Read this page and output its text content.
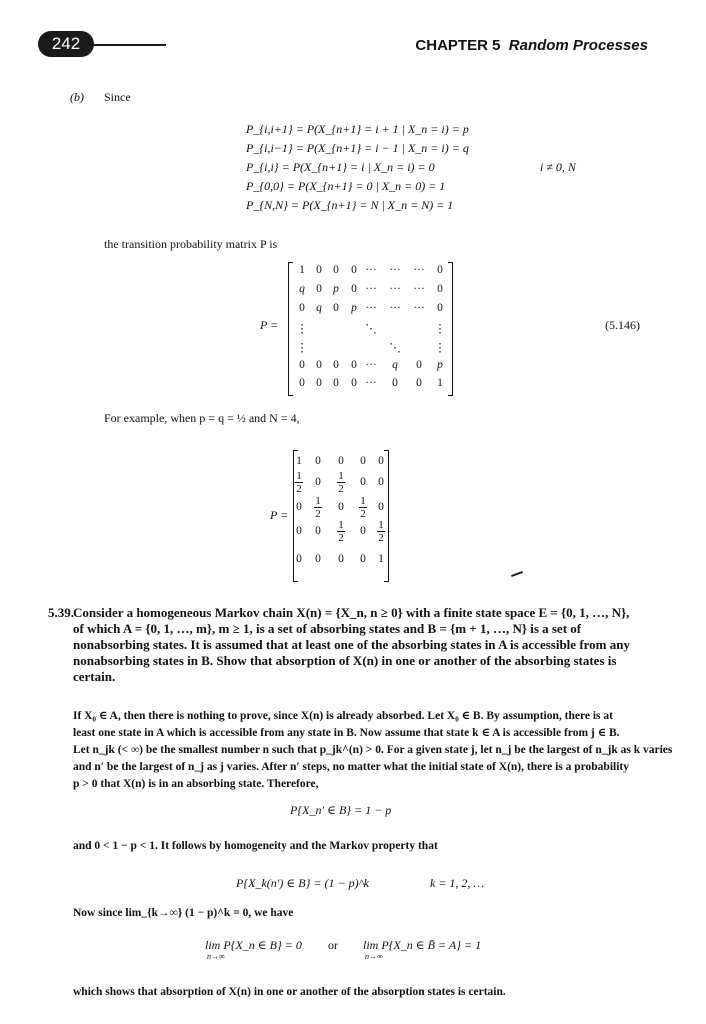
242	CHAPTER 5 Random Processes
(b) Since
P_{i,i+1} = P(X_{n+1} = i + 1 | X_n = i) = p
P_{i,i−1} = P(X_{n+1} = i − 1 | X_n = i) = q
P_{i,i} = P(X_{n+1} = i | X_n = i) = 0	i ≠ 0, N
P_{0,0} = P(X_{n+1} = 0 | X_n = 0) = 1
P_{N,N} = P(X_{n+1} = N | X_n = N) = 1
the transition probability matrix P is
P =
1 0 0	0 ··· ··· ···	0
q 0 p	0 ··· ··· ···	0
0 q 0	p ··· ··· ···	0
⋮	⋱	⋮
⋮	⋱	⋮
0 0 0	0 ···	q	0	p
0 0 0	0 ···	0	0	1
(5.146)
For example, when p = q = ½ and N = 4,
P =
1	0	0	0	0
$\frac{1}{2}$	0	$\frac{1}{2}$	0	0
0	$\frac{1}{2}$	0	$\frac{1}{2} 0$
0	0	$\frac{1}{2}$	0	$\frac{1}{2}$
0	0	0	0	1
5.39. Consider a homogeneous Markov chain X(n) = {X_n, n ≥ 0} with a finite state space E = {0, 1, …, N},
of which A = {0, 1, …, m}, m ≥ 1, is a set of absorbing states and B = {m + 1, …, N} is a set of
nonabsorbing states. It is assumed that at least one of the absorbing states in A is accessible from any
nonabsorbing states in B. Show that absorption of X(n) in one or another of the absorbing states is
certain.
If X₀ ∈ A, then there is nothing to prove, since X(n) is already absorbed. Let X₀ ∈ B. By assumption, there is at
least one state in A which is accessible from any state in B. Now assume that state k ∈ A is accessible from j ∈ B.
Let n_jk (< ∞) be the smallest number n such that p_jk^(n) > 0. For a given state j, let n_j be the largest of n_jk as k varies
and n′ be the largest of n_j as j varies. After n′ steps, no matter what the initial state of X(n), there is a probability
p > 0 that X(n) is in an absorbing state. Therefore,
P{X_n′ ∈ B} = 1 − p
and 0 < 1 − p < 1. It follows by homogeneity and the Markov property that
P{X_k(n′) ∈ B} = (1 − p)^k	k = 1, 2, …
Now since lim_{k→∞} (1 − p)^k = 0, we have
lim P{X_n ∈ B} = 0
n→∞
or lim P{X_n ∈ B̄ = A} = 1
n→∞
which shows that absorption of X(n) in one or another of the absorption states is certain.
